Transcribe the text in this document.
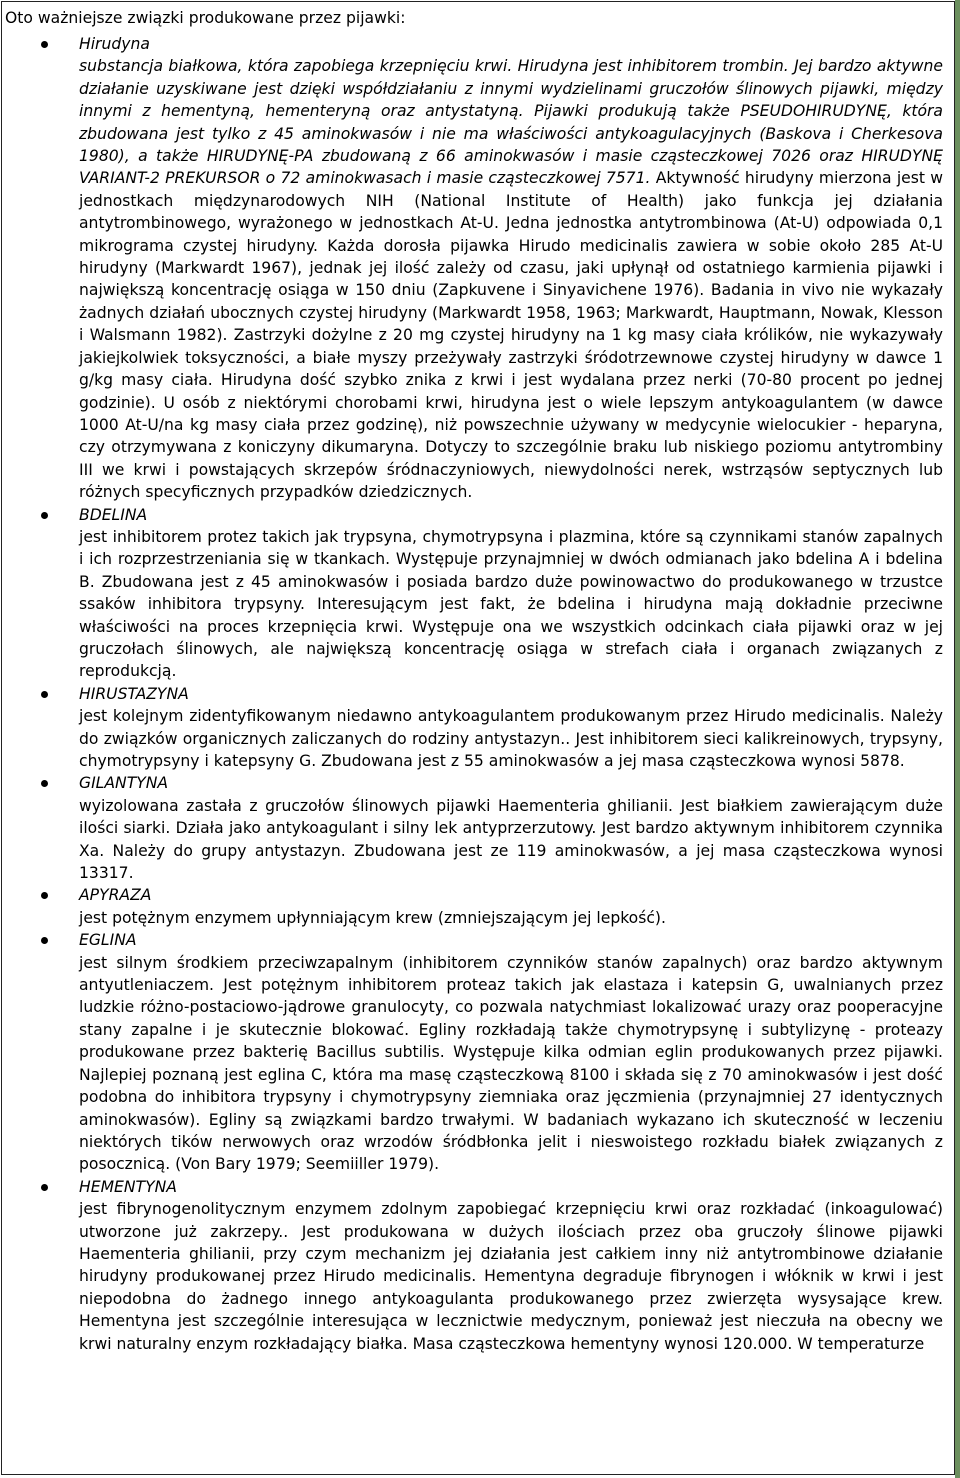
Oto ważniejsze związki produkowane przez pijawki:
Hirudyna
substancja białkowa, która zapobiega krzepnięciu krwi. Hirudyna jest inhibitorem trombin. Jej bardzo aktywne działanie uzyskiwane jest dzięki współdziałaniu z innymi wydzielinami gruczołów ślinowych pijawki, między innymi z hementyną, hementeryną oraz antystatyną. Pijawki produkują także PSEUDOHIRUDYNĘ, która zbudowana jest tylko z 45 aminokwasów i nie ma właściwości antykoagulacyjnych (Baskova i Cherkesova 1980), a także HIRUDYNĘ-PA zbudowaną z 66 aminokwasów i masie cząsteczkowej 7026 oraz HIRUDYNĘ VARIANT-2 PREKURSOR o 72 aminokwasach i masie cząsteczkowej 7571. Aktywność hirudyny mierzona jest w jednostkach międzynarodowych NIH (National Institute of Health) jako funkcja jej działania antytrombinowego, wyrażonego w jednostkach At-U. Jedna jednostka antytrombinowa (At-U) odpowiada 0,1 mikrograma czystej hirudyny. Każda dorosła pijawka Hirudo medicinalis zawiera w sobie około 285 At-U hirudyny (Markwardt 1967), jednak jej ilość zależy od czasu, jaki upłynął od ostatniego karmienia pijawki i największą koncentrację osiąga w 150 dniu (Zapkuvene i Sinyavichene 1976). Badania in vivo nie wykazały żadnych działań ubocznych czystej hirudyny (Markwardt 1958, 1963; Markwardt, Hauptmann, Nowak, Klesson i Walsmann 1982). Zastrzyki dożylne z 20 mg czystej hirudyny na 1 kg masy ciała królików, nie wykazywały jakiejkolwiek toksyczności, a białe myszy przeżywały zastrzyki śródotrzewnowe czystej hirudyny w dawce 1 g/kg masy ciała. Hirudyna dość szybko znika z krwi i jest wydalana przez nerki (70-80 procent po jednej godzinie). U osób z niektórymi chorobami krwi, hirudyna jest o wiele lepszym antykoagulantem (w dawce 1000 At-U/na kg masy ciała przez godzinę), niż powszechnie używany w medycynie wielocukier - heparyna, czy otrzymywana z koniczyny dikumaryna. Dotyczy to szczególnie braku lub niskiego poziomu antytrombiny III we krwi i powstających skrzepów śródnaczyniowych, niewydolności nerek, wstrząsów septycznych lub różnych specyficznych przypadków dziedzicznych.
BDELINA
jest inhibitorem protez takich jak trypsyna, chymotrypsyna i plazmina, które są czynnikami stanów zapalnych i ich rozprzestrzeniania się w tkankach. Występuje przynajmniej w dwóch odmianach jako bdelina A i bdelina B. Zbudowana jest z 45 aminokwasów i posiada bardzo duże powinowactwo do produkowanego w trzustce ssaków inhibitora trypsyny. Interesującym jest fakt, że bdelina i hirudyna mają dokładnie przeciwne właściwości na proces krzepnięcia krwi. Występuje ona we wszystkich odcinkach ciała pijawki oraz w jej gruczołach ślinowych, ale największą koncentrację osiąga w strefach ciała i organach związanych z reprodukcją.
HIRUSTAZYNA
jest kolejnym zidentyfikowanym niedawno antykoagulantem produkowanym przez Hirudo medicinalis. Należy do związków organicznych zaliczanych do rodziny antystazyn.. Jest inhibitorem sieci kalikreinowych, trypsyny, chymotrypsyny i katepsyny G. Zbudowana jest z 55 aminokwasów a jej masa cząsteczkowa wynosi 5878.
GILANTYNA
wyizolowana zastała z gruczołów ślinowych pijawki Haementeria ghilianii. Jest białkiem zawierającym duże ilości siarki. Działa jako antykoagulant i silny lek antyprzerzutowy. Jest bardzo aktywnym inhibitorem czynnika Xa. Należy do grupy antystazyn. Zbudowana jest ze 119 aminokwasów, a jej masa cząsteczkowa wynosi 13317.
APYRAZA
jest potężnym enzymem upłynniającym krew (zmniejszającym jej lepkość).
EGLINA
jest silnym środkiem przeciwzapalnym (inhibitorem czynników stanów zapalnych) oraz bardzo aktywnym antyutleniaczem. Jest potężnym inhibitorem proteaz takich jak elastaza i katepsin G, uwalnianych przez ludzkie różno-postaciowo-jądrowe granulocyty, co pozwala natychmiast lokalizować urazy oraz pooperacyjne stany zapalne i je skutecznie blokować. Egliny rozkładają także chymotrypsynę i subtylizynę - proteazy produkowane przez bakterię Bacillus subtilis. Występuje kilka odmian eglin produkowanych przez pijawki. Najlepiej poznaną jest eglina C, która ma masę cząsteczkową 8100 i składa się z 70 aminokwasów i jest dość podobna do inhibitora trypsyny i chymotrypsyny ziemniaka oraz jęczmienia (przynajmniej 27 identycznych aminokwasów). Egliny są związkami bardzo trwałymi. W badaniach wykazano ich skuteczność w leczeniu niektórych tików nerwowych oraz wrzodów śródbłonka jelit i nieswoistego rozkładu białek związanych z posocznicą. (Von Bary 1979; Seemiiller 1979).
HEMENTYNA
jest fibrynogenolitycznym enzymem zdolnym zapobiegać krzepnięciu krwi oraz rozkładać (inkoagulować) utworzone już zakrzepy.. Jest produkowana w dużych ilościach przez oba gruczoły ślinowe pijawki Haementeria ghilianii, przy czym mechanizm jej działania jest całkiem inny niż antytrombinowe działanie hirudyny produkowanej przez Hirudo medicinalis. Hementyna degraduje fibrynogen i włóknik w krwi i jest niepodobna do żadnego innego antykoagulanta produkowanego przez zwierzęta wysysające krew. Hementyna jest szczególnie interesująca w lecznictwie medycznym, ponieważ jest nieczuła na obecny we krwi naturalny enzym rozkładający białka. Masa cząsteczkowa hementyny wynosi 120.000. W temperaturze
